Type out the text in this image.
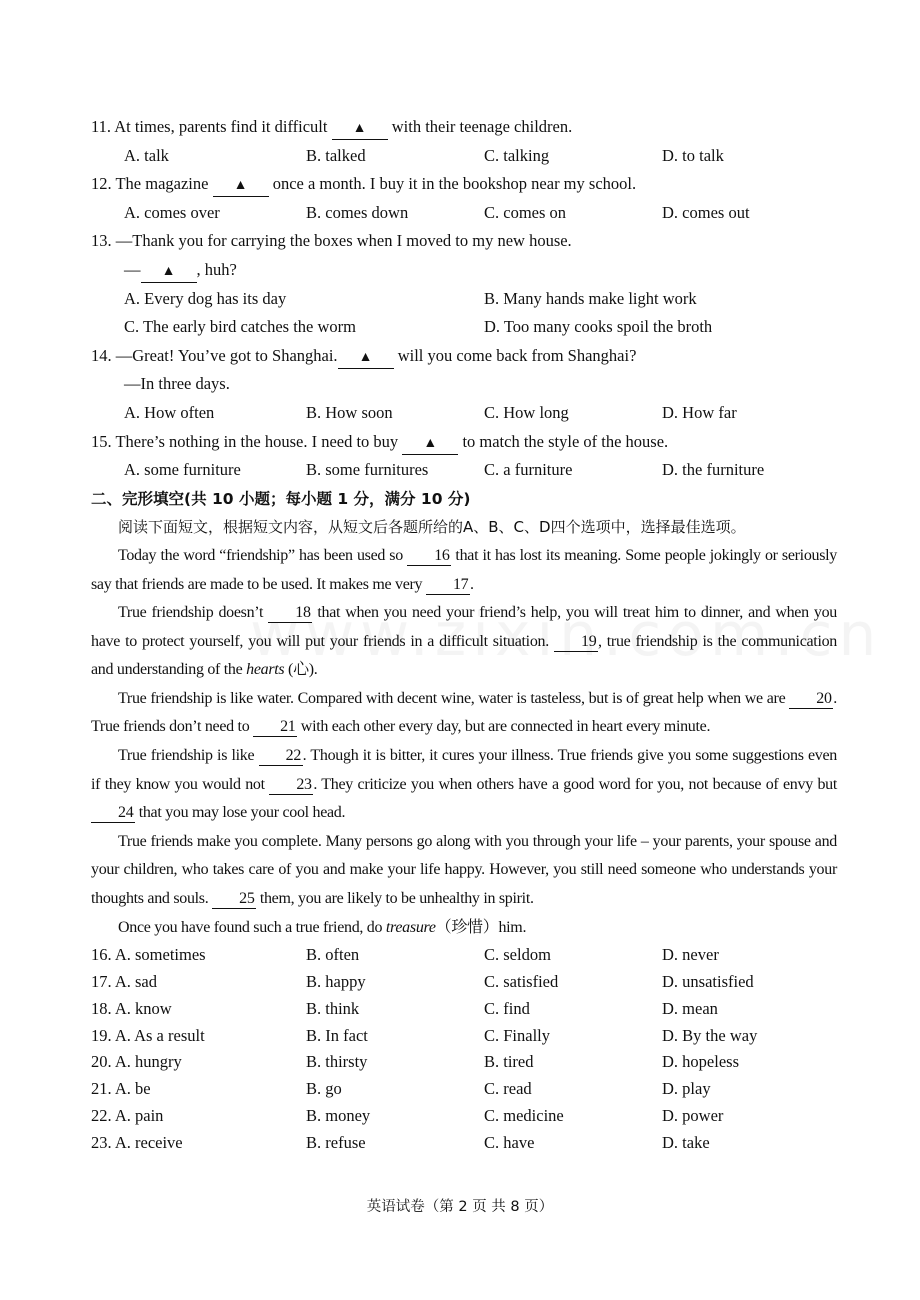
11. At times, parents find it difficult ▲ with their teenage children.
A. talk	B. talked	C. talking	D. to talk
12. The magazine ▲ once a month. I buy it in the bookshop near my school.
A. comes over	B. comes down	C. comes on	D. comes out
13. —Thank you for carrying the boxes when I moved to my new house.
— ▲ , huh?
A. Every dog has its day	B. Many hands make light work
C. The early bird catches the worm	D. Too many cooks spoil the broth
14. —Great! You’ve got to Shanghai. ▲ will you come back from Shanghai?
—In three days.
A. How often	B. How soon	C. How long	D. How far
15. There’s nothing in the house. I need to buy ▲ to match the style of the house.
A. some furniture	B. some furnitures	C. a furniture	D. the furniture
二、完形填空(共 10 小题；每小题 1 分，满分 10 分)
阅读下面短文，根据短文内容，从短文后各题所给的A、B、C、D四个选项中，选择最佳选项。
Today the word “friendship” has been used so 16 that it has lost its meaning. Some people jokingly or seriously say that friends are made to be used. It makes me very 17.
True friendship doesn’t 18 that when you need your friend’s help, you will treat him to dinner, and when you have to protect yourself, you will put your friends in a difficult situation. 19, true friendship is the communication and understanding of the hearts (心).
True friendship is like water. Compared with decent wine, water is tasteless, but is of great help when we are 20. True friends don’t need to 21 with each other every day, but are connected in heart every minute.
True friendship is like 22. Though it is bitter, it cures your illness. True friends give you some suggestions even if they know you would not 23. They criticize you when others have a good word for you, not because of envy but 24 that you may lose your cool head.
True friends make you complete. Many persons go along with you through your life – your parents, your spouse and your children, who takes care of you and make your life happy. However, you still need someone who understands your thoughts and souls. 25 them, you are likely to be unhealthy in spirit.
Once you have found such a true friend, do treasure（珍惜）him.
16. A. sometimes	B. often	C. seldom	D. never
17. A. sad	B. happy	C. satisfied	D. unsatisfied
18. A. know	B. think	C. find	D. mean
19. A. As a result	B. In fact	C. Finally	D. By the way
20. A. hungry	B. thirsty	B. tired	D. hopeless
21. A. be	B. go	C. read	D. play
22. A. pain	B. money	C. medicine	D. power
23. A. receive	B. refuse	C. have	D. take
英语试卷（第 2 页 共 8 页）
